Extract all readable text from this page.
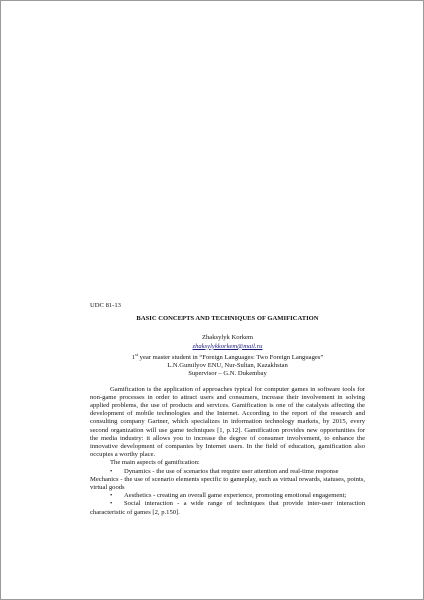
UDC 81-13

BASIC CONCEPTS AND TECHNIQUES OF GAMIFICATION

Zhaksylyk Korkem

zhaksylykkorkem@mail.ru

1st year master student in “Foreign Languages: Two Foreign Languages”

L.N.Gumilyov ENU, Nur-Sultan, Kazakhstan

Supervisor – G.N. Dukembay

Gamification is the application of approaches typical for computer games in software tools for non-game processes in order to attract users and consumers, increase their involvement in solving applied problems, the use of products and services. Gamification is one of the catalysts affecting the development of mobile technologies and the Internet. According to the report of the research and consulting company Gartner, which specializes in information technology markets, by 2015, every second organization will use game techniques [1, p.12]. Gamification provides new opportunities for the media industry: it allows you to increase the degree of consumer involvement, to enhance the innovative development of companies by Internet users. In the field of education, gamification also occupies a worthy place.

The main aspects of gamification:

• Dynamics - the use of scenarios that require user attention and real-time response

Mechanics - the use of scenario elements specific to gameplay, such as virtual rewards, statuses, points, virtual goods

• Aesthetics - creating an overall game experience, promoting emotional engagement;

• Social interaction - a wide range of techniques that provide inter-user interaction characteristic of games [2, p.150].
